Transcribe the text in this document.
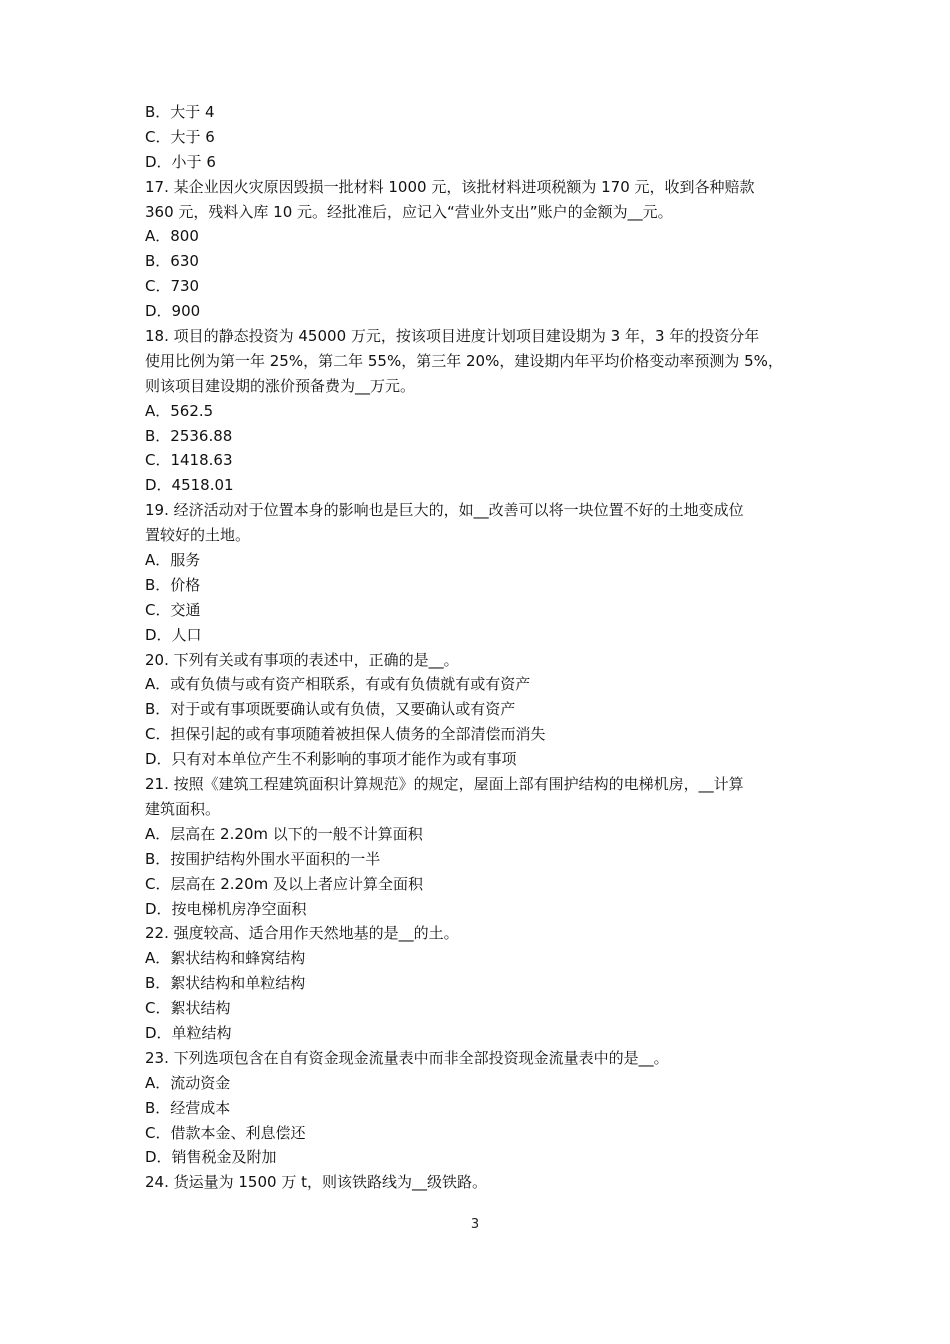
B．大于 4
C．大于 6
D．小于 6
17. 某企业因火灾原因毁损一批材料 1000 元，该批材料进项税额为 170 元，收到各种赔款
360 元，残料入库 10 元。经批准后，应记入“营业外支出”账户的金额为__元。
A．800
B．630
C．730
D．900
18. 项目的静态投资为 45000 万元，按该项目进度计划项目建设期为 3 年，3 年的投资分年
使用比例为第一年 25%，第二年 55%，第三年 20%，建设期内年平均价格变动率预测为 5%，
则该项目建设期的涨价预备费为__万元。
A．562.5
B．2536.88
C．1418.63
D．4518.01
19. 经济活动对于位置本身的影响也是巨大的，如__改善可以将一块位置不好的土地变成位
置较好的土地。
A．服务
B．价格
C．交通
D．人口
20. 下列有关或有事项的表述中，正确的是__。
A．或有负债与或有资产相联系，有或有负债就有或有资产
B．对于或有事项既要确认或有负债，又要确认或有资产
C．担保引起的或有事项随着被担保人债务的全部清偿而消失
D．只有对本单位产生不利影响的事项才能作为或有事项
21. 按照《建筑工程建筑面积计算规范》的规定，屋面上部有围护结构的电梯机房，__计算
建筑面积。
A．层高在 2.20m 以下的一般不计算面积
B．按围护结构外围水平面积的一半
C．层高在 2.20m 及以上者应计算全面积
D．按电梯机房净空面积
22. 强度较高、适合用作天然地基的是__的土。
A．絮状结构和蜂窝结构
B．絮状结构和单粒结构
C．絮状结构
D．单粒结构
23. 下列选项包含在自有资金现金流量表中而非全部投资现金流量表中的是__。
A．流动资金
B．经营成本
C．借款本金、利息偿还
D．销售税金及附加
24. 货运量为 1500 万 t，则该铁路线为__级铁路。
3
